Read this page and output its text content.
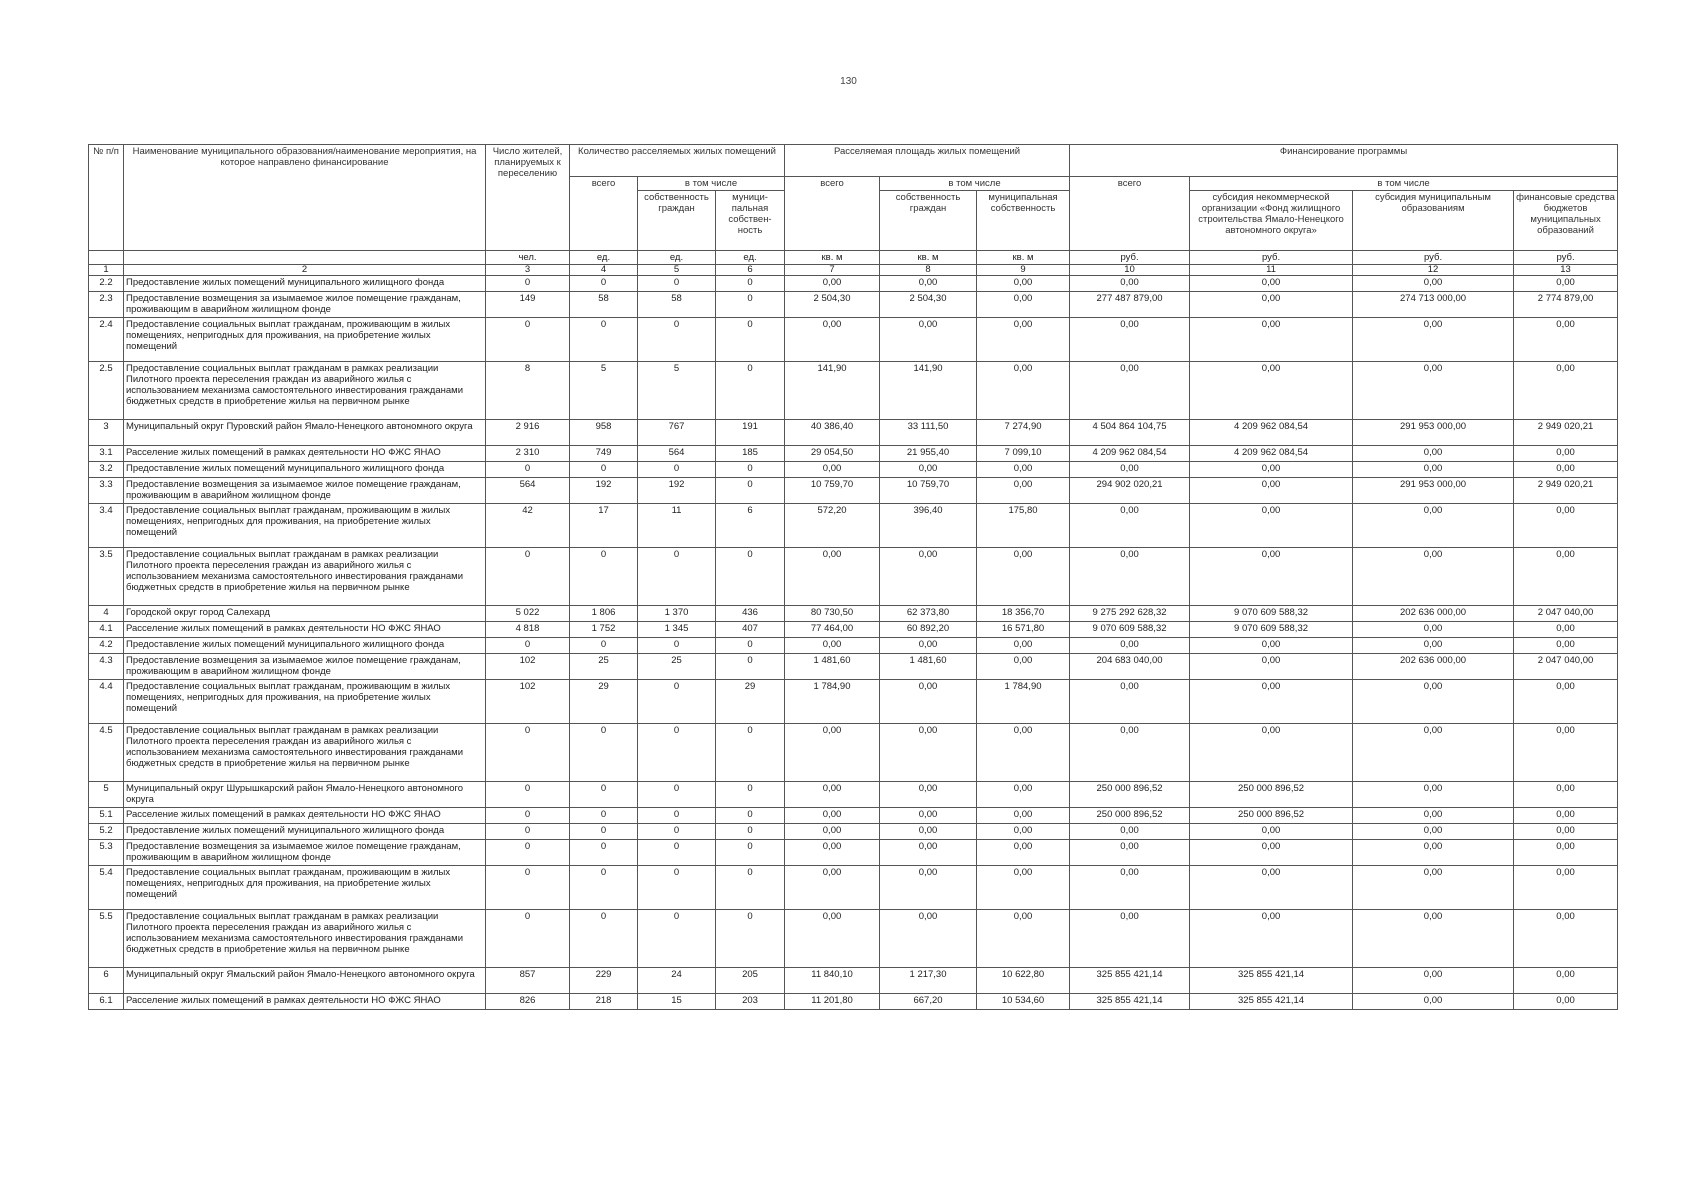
130
№ п/п	Наименование муниципального образования/наименование мероприятия, на которое направлено финансирование	Число жителей, планируемых к переселению	Количество расселяемых жилых помещений			Расселяемая площадь жилых помещений			Финансирование программы			
			всего	в том числе		всего	в том числе		всего	в том числе		
				собственность граждан	муници-пальная собствен-ность		собственность граждан	муниципальная собственность		субсидия некоммерческой организации «Фонд жилищного строительства Ямало-Ненецкого автономного округа»	субсидия муниципальным образованиям	финансовые средства бюджетов муниципальных образований
		чел.	ед.	ед.	ед.	кв. м	кв. м	кв. м	руб.	руб.	руб.	руб.
1	2	3	4	5	6	7	8	9	10	11	12	13
2.2	Предоставление жилых помещений муниципального жилищного фонда	0	0	0	0	0,00	0,00	0,00	0,00	0,00	0,00	0,00
2.3	Предоставление возмещения за изымаемое жилое помещение гражданам, проживающим в аварийном жилищном фонде	149	58	58	0	2 504,30	2 504,30	0,00	277 487 879,00	0,00	274 713 000,00	2 774 879,00
2.4	Предоставление социальных выплат гражданам, проживающим в жилых помещениях, непригодных для проживания, на приобретение жилых помещений	0	0	0	0	0,00	0,00	0,00	0,00	0,00	0,00	0,00
2.5	Предоставление социальных выплат гражданам в рамках реализации Пилотного проекта переселения граждан из аварийного жилья с использованием механизма самостоятельного инвестирования гражданами бюджетных средств в приобретение жилья на первичном рынке	8	5	5	0	141,90	141,90	0,00	0,00	0,00	0,00	0,00
3	Муниципальный округ Пуровский район Ямало-Ненецкого автономного округа	2 916	958	767	191	40 386,40	33 111,50	7 274,90	4 504 864 104,75	4 209 962 084,54	291 953 000,00	2 949 020,21
3.1	Расселение жилых помещений в рамках деятельности НО ФЖС ЯНАО	2 310	749	564	185	29 054,50	21 955,40	7 099,10	4 209 962 084,54	4 209 962 084,54	0,00	0,00
3.2	Предоставление жилых помещений муниципального жилищного фонда	0	0	0	0	0,00	0,00	0,00	0,00	0,00	0,00	0,00
3.3	Предоставление возмещения за изымаемое жилое помещение гражданам, проживающим в аварийном жилищном фонде	564	192	192	0	10 759,70	10 759,70	0,00	294 902 020,21	0,00	291 953 000,00	2 949 020,21
3.4	Предоставление социальных выплат гражданам, проживающим в жилых помещениях, непригодных для проживания, на приобретение жилых помещений	42	17	11	6	572,20	396,40	175,80	0,00	0,00	0,00	0,00
3.5	Предоставление социальных выплат гражданам в рамках реализации Пилотного проекта переселения граждан из аварийного жилья с использованием механизма самостоятельного инвестирования гражданами бюджетных средств в приобретение жилья на первичном рынке	0	0	0	0	0,00	0,00	0,00	0,00	0,00	0,00	0,00
4	Городской округ город Салехард	5 022	1 806	1 370	436	80 730,50	62 373,80	18 356,70	9 275 292 628,32	9 070 609 588,32	202 636 000,00	2 047 040,00
4.1	Расселение жилых помещений в рамках деятельности НО ФЖС ЯНАО	4 818	1 752	1 345	407	77 464,00	60 892,20	16 571,80	9 070 609 588,32	9 070 609 588,32	0,00	0,00
4.2	Предоставление жилых помещений муниципального жилищного фонда	0	0	0	0	0,00	0,00	0,00	0,00	0,00	0,00	0,00
4.3	Предоставление возмещения за изымаемое жилое помещение гражданам, проживающим в аварийном жилищном фонде	102	25	25	0	1 481,60	1 481,60	0,00	204 683 040,00	0,00	202 636 000,00	2 047 040,00
4.4	Предоставление социальных выплат гражданам, проживающим в жилых помещениях, непригодных для проживания, на приобретение жилых помещений	102	29	0	29	1 784,90	0,00	1 784,90	0,00	0,00	0,00	0,00
4.5	Предоставление социальных выплат гражданам в рамках реализации Пилотного проекта переселения граждан из аварийного жилья с использованием механизма самостоятельного инвестирования гражданами бюджетных средств в приобретение жилья на первичном рынке	0	0	0	0	0,00	0,00	0,00	0,00	0,00	0,00	0,00
5	Муниципальный округ Шурышкарский район Ямало-Ненецкого автономного округа	0	0	0	0	0,00	0,00	0,00	250 000 896,52	250 000 896,52	0,00	0,00
5.1	Расселение жилых помещений в рамках деятельности НО ФЖС ЯНАО	0	0	0	0	0,00	0,00	0,00	250 000 896,52	250 000 896,52	0,00	0,00
5.2	Предоставление жилых помещений муниципального жилищного фонда	0	0	0	0	0,00	0,00	0,00	0,00	0,00	0,00	0,00
5.3	Предоставление возмещения за изымаемое жилое помещение гражданам, проживающим в аварийном жилищном фонде	0	0	0	0	0,00	0,00	0,00	0,00	0,00	0,00	0,00
5.4	Предоставление социальных выплат гражданам, проживающим в жилых помещениях, непригодных для проживания, на приобретение жилых помещений	0	0	0	0	0,00	0,00	0,00	0,00	0,00	0,00	0,00
5.5	Предоставление социальных выплат гражданам в рамках реализации Пилотного проекта переселения граждан из аварийного жилья с использованием механизма самостоятельного инвестирования гражданами бюджетных средств в приобретение жилья на первичном рынке	0	0	0	0	0,00	0,00	0,00	0,00	0,00	0,00	0,00
6	Муниципальный округ Ямальский район Ямало-Ненецкого автономного округа	857	229	24	205	11 840,10	1 217,30	10 622,80	325 855 421,14	325 855 421,14	0,00	0,00
6.1	Расселение жилых помещений в рамках деятельности НО ФЖС ЯНАО	826	218	15	203	11 201,80	667,20	10 534,60	325 855 421,14	325 855 421,14	0,00	0,00
